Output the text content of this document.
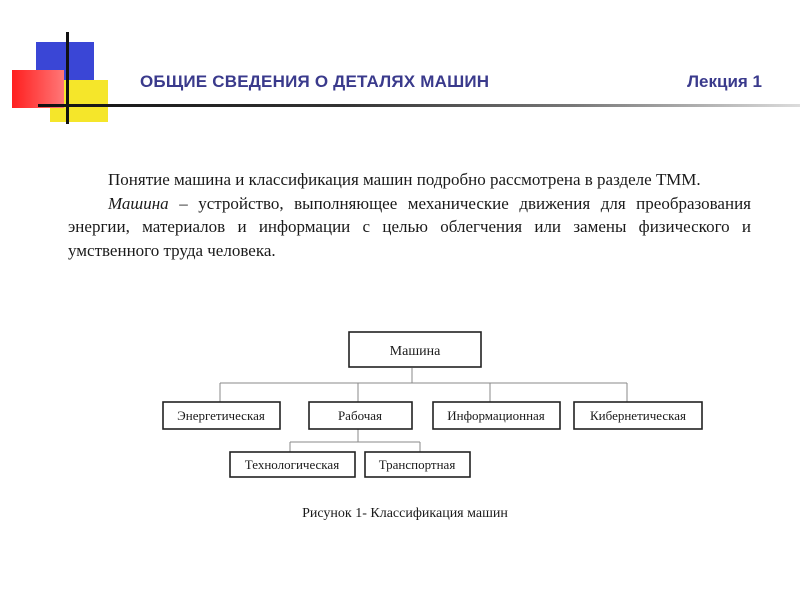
ОБЩИЕ СВЕДЕНИЯ О ДЕТАЛЯХ МАШИН	Лекция 1

Понятие машина и классификация машин подробно рассмотрена в разделе ТММ.

Машина – устройство, выполняющее механические движения для преобразования энергии, материалов и информации с целью облегчения или замены физического и умственного труда человека.

Машина
Энергетическая	Рабочая	Информационная	Кибернетическая
Технологическая	Транспортная
Рисунок 1- Классификация машин
